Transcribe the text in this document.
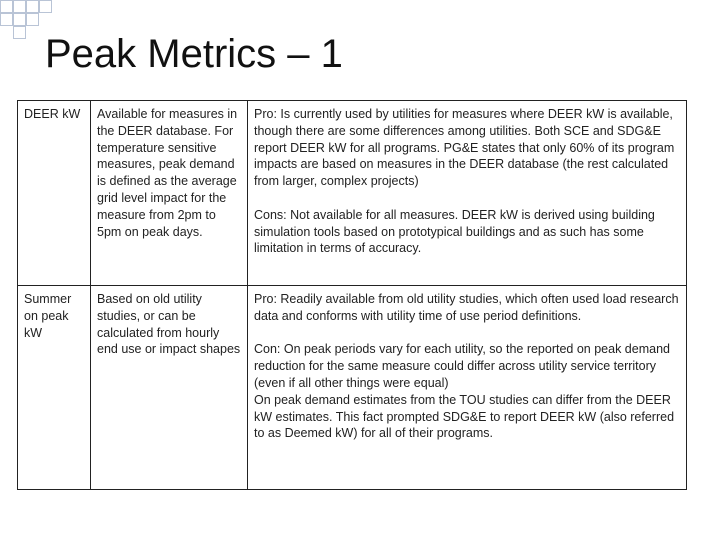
Peak Metrics – 1
DEER kW	Available for measures in the DEER database. For temperature sensitive measures, peak demand is defined as the average grid level impact for the measure from 2pm to 5pm on peak days.	Pro: Is currently used by utilities for measures where DEER kW is available, though there are some differences among utilities. Both SCE and SDG&E report DEER kW for all programs. PG&E states that only 60% of its program impacts are based on measures in the DEER database (the rest calculated from larger, complex projects)
Cons: Not available for all measures. DEER kW is derived using building simulation tools based on prototypical buildings and as such has some limitation in terms of accuracy.

Summer on peak kW	Based on old utility studies, or can be calculated from hourly end use or impact shapes	Pro: Readily available from old utility studies, which often used load research data and conforms with utility time of use period definitions.
Con: On peak periods vary for each utility, so the reported on peak demand reduction for the same measure could differ across utility service territory (even if all other things were equal)
On peak demand estimates from the TOU studies can differ from the DEER kW estimates. This fact prompted SDG&E to report DEER kW (also referred to as Deemed kW) for all of their programs.
